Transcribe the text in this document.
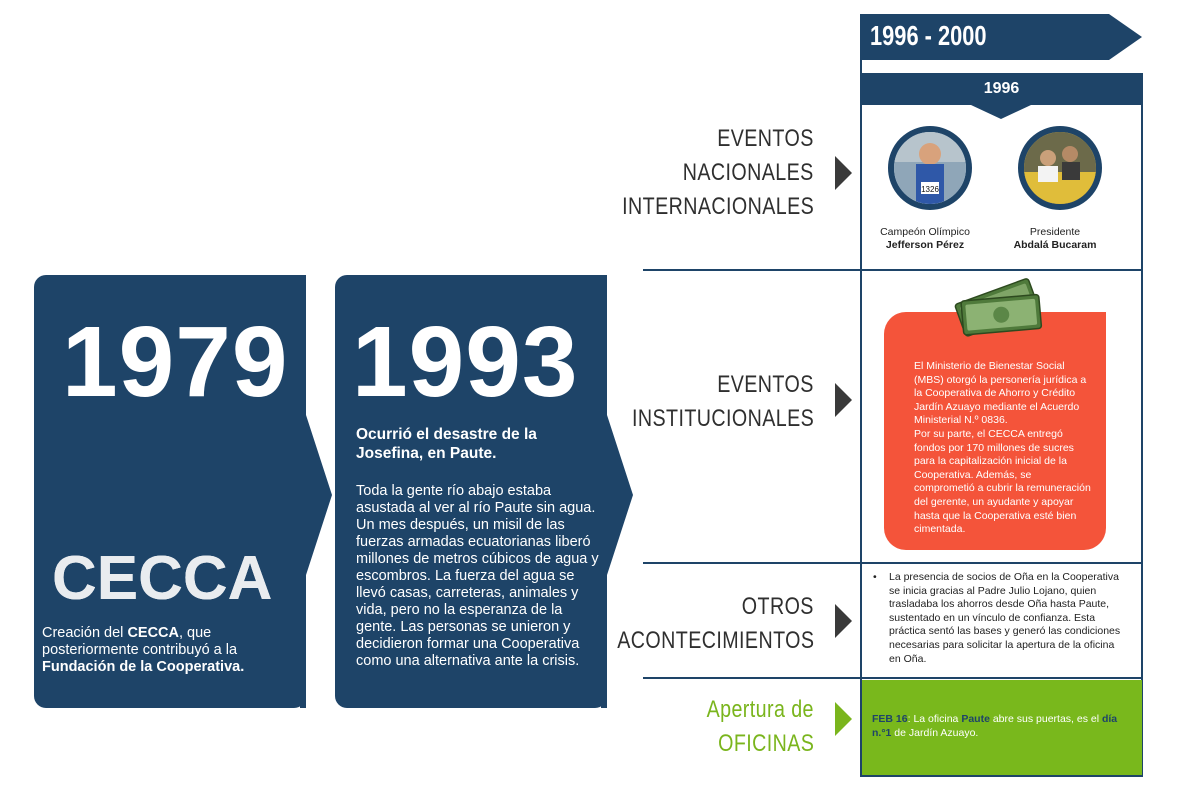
1979
CECCA
Creación del CECCA, que posteriormente contribuyó a la Fundación de la Cooperativa.
1993
Ocurrió el desastre de la Josefina, en Paute.
Toda la gente río abajo estaba asustada al ver al río Paute sin agua. Un mes después, un misil de las fuerzas armadas ecuatorianas liberó millones de metros cúbicos de agua y escombros. La fuerza del agua se llevó casas, carreteras, animales y vida, pero no la esperanza de la gente. Las personas se unieron y decidieron formar una Cooperativa como una alternativa ante la crisis.
1996 - 2000
1996
EVENTOS
NACIONALES
INTERNACIONALES
EVENTOS
INSTITUCIONALES
OTROS
ACONTECIMIENTOS
Apertura de
OFICINAS
1326
Campeón Olímpico
Jefferson Pérez
Presidente
Abdalá Bucaram
El Ministerio de Bienestar Social (MBS) otorgó la personería jurídica a la Cooperativa de Ahorro y Crédito Jardín Azuayo mediante el Acuerdo Ministerial N.º 0836.
Por su parte, el CECCA entregó fondos por 170 millones de sucres para la capitalización inicial de la Cooperativa. Además, se comprometió a cubrir la remuneración del gerente, un ayudante y apoyar hasta que la Cooperativa esté bien cimentada.
• La presencia de socios de Oña en la Cooperativa se inicia gracias al Padre Julio Lojano, quien trasladaba los ahorros desde Oña hasta Paute, sustentado en un vínculo de confianza. Esta práctica sentó las bases y generó las condiciones necesarias para solicitar la apertura de la oficina en Oña.
FEB 16: La oficina Paute abre sus puertas, es el día n.°1 de Jardín Azuayo.
